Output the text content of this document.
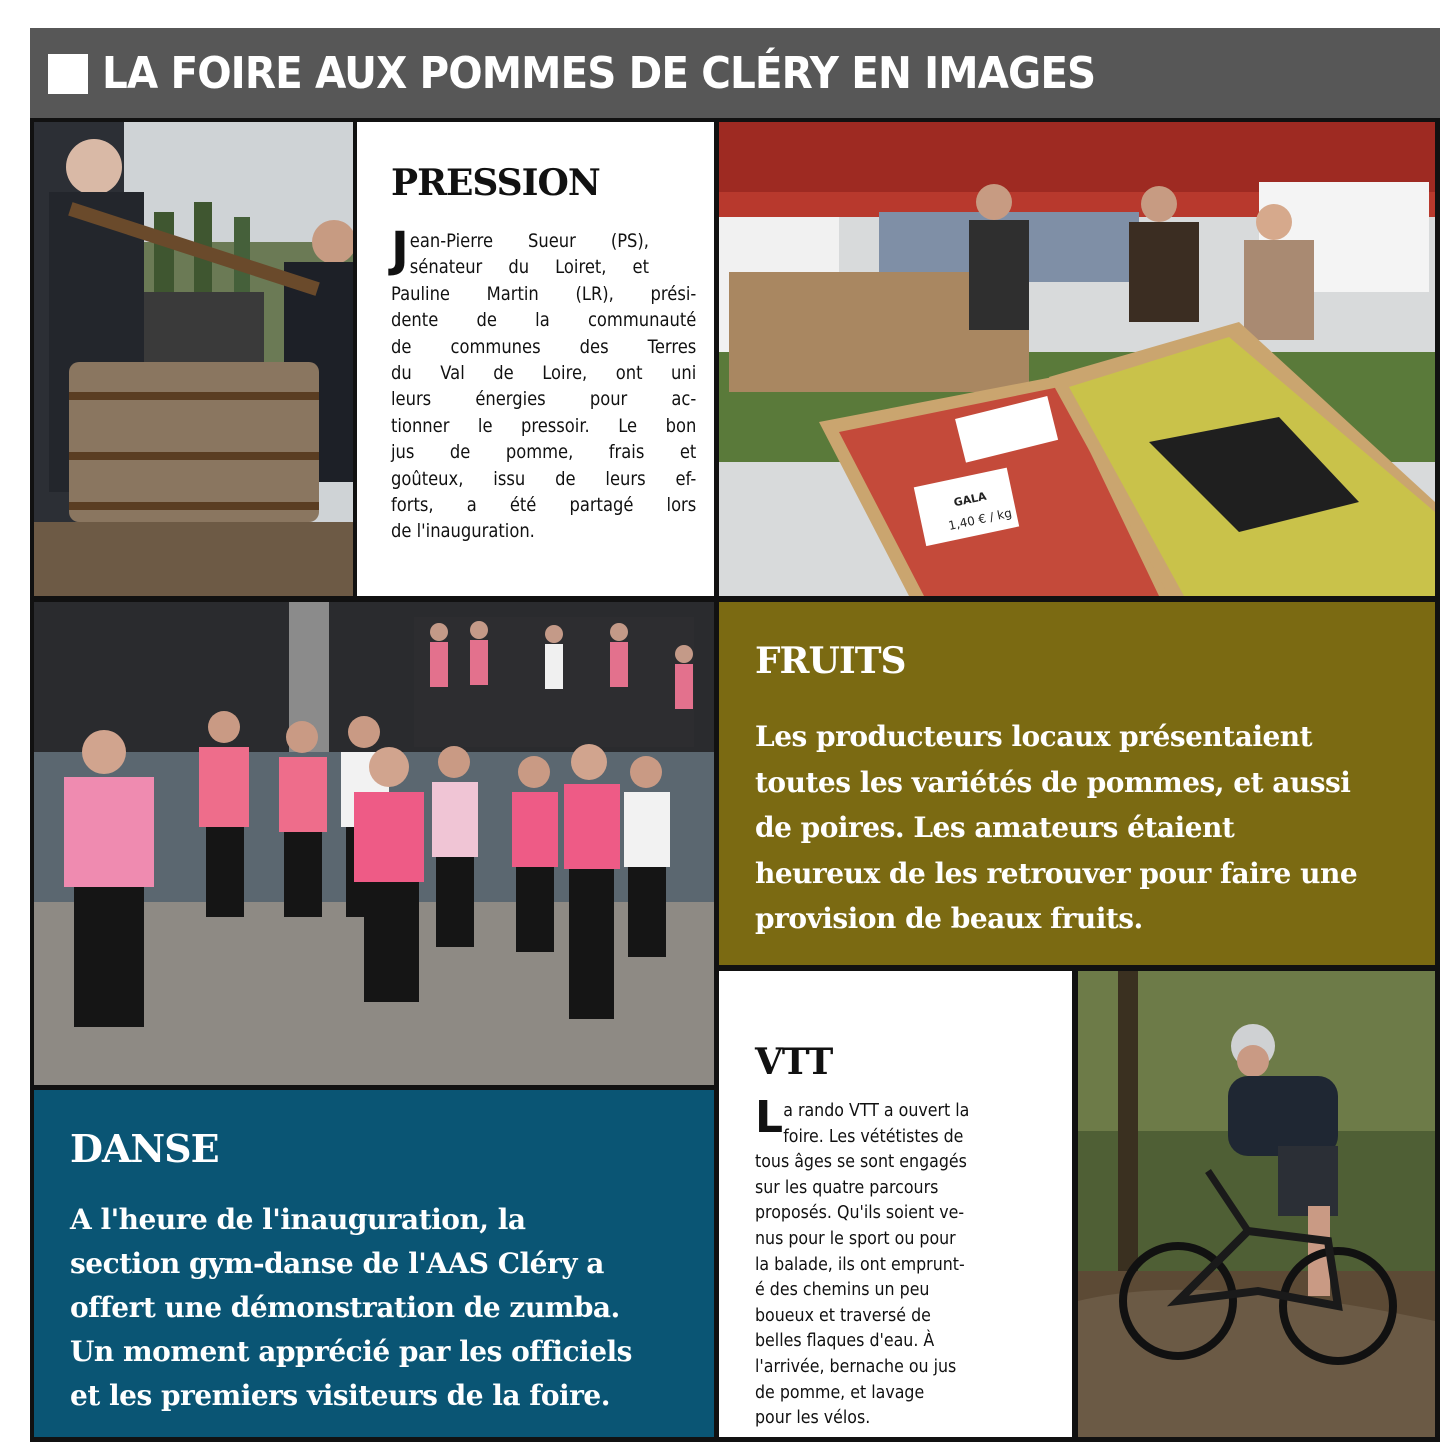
LA FOIRE AUX POMMES DE CLÉRY EN IMAGES
PRESSION
J ean-Pierre Sueur (PS),
sénateur du Loiret, et
Pauline Martin (LR), prési-
dente de la communauté
de communes des Terres
du Val de Loire, ont uni
leurs énergies pour ac-
tionner le pressoir. Le bon
jus de pomme, frais et
goûteux, issu de leurs ef-
forts, a été partagé lors
de l'inauguration.
GALA
1,40 € / kg
FRUITS
Les producteurs locaux présentaient
toutes les variétés de pommes, et aussi
de poires. Les amateurs étaient
heureux de les retrouver pour faire une
provision de beaux fruits.
VTT
L a rando VTT a ouvert la
foire. Les vététistes de
tous âges se sont engagés
sur les quatre parcours
proposés. Qu'ils soient ve-
nus pour le sport ou pour
la balade, ils ont emprunt-
é des chemins un peu
boueux et traversé de
belles flaques d'eau. À
l'arrivée, bernache ou jus
de pomme, et lavage
pour les vélos.
DANSE
A l'heure de l'inauguration, la
section gym-danse de l'AAS Cléry a
offert une démonstration de zumba.
Un moment apprécié par les officiels
et les premiers visiteurs de la foire.
